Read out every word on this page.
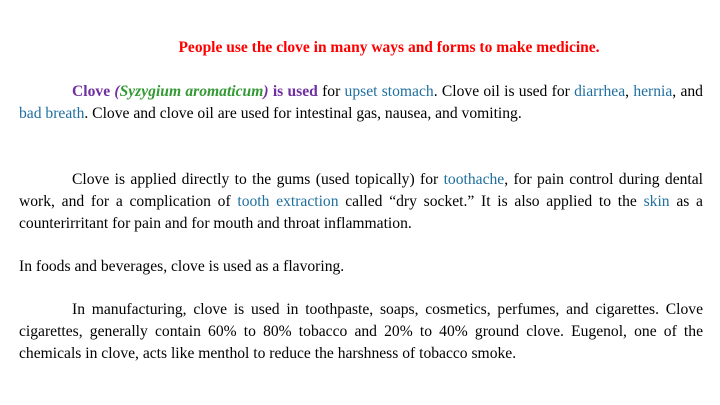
People use the clove in many ways and forms to make medicine.

Clove (Syzygium aromaticum) is used for upset stomach. Clove oil is used for diarrhea, hernia, and bad breath. Clove and clove oil are used for intestinal gas, nausea, and vomiting.

Clove is applied directly to the gums (used topically) for toothache, for pain control during dental work, and for a complication of tooth extraction called “dry socket.” It is also applied to the skin as a counterirritant for pain and for mouth and throat inflammation.

In foods and beverages, clove is used as a flavoring.

In manufacturing, clove is used in toothpaste, soaps, cosmetics, perfumes, and cigarettes. Clove cigarettes, generally contain 60% to 80% tobacco and 20% to 40% ground clove. Eugenol, one of the chemicals in clove, acts like menthol to reduce the harshness of tobacco smoke.
